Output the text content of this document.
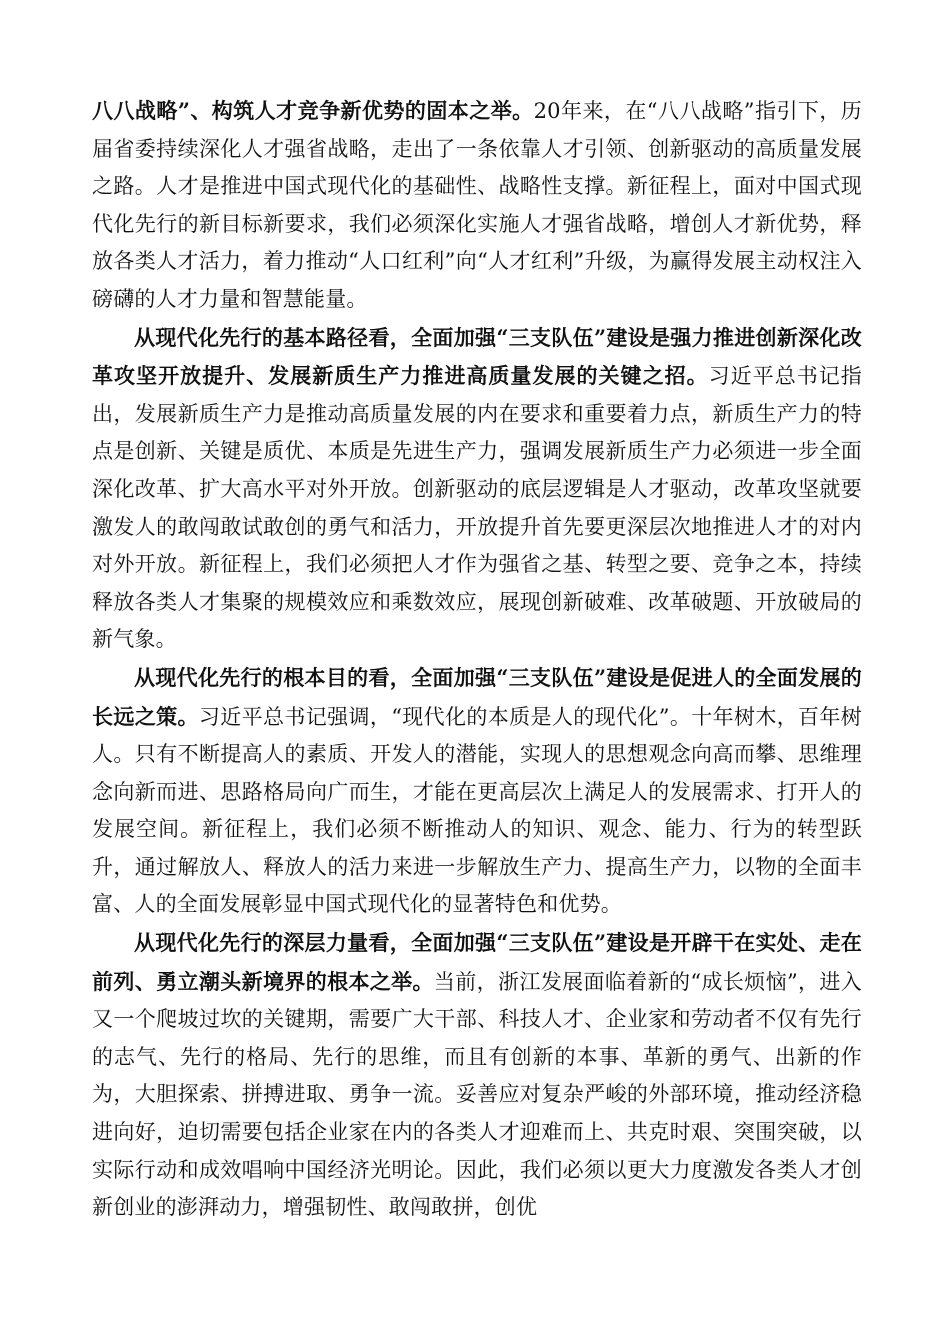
八八战略”、构筑人才竞争新优势的固本之举。20年来，在“八八战略”指引下，历届省委持续深化人才强省战略，走出了一条依靠人才引领、创新驱动的高质量发展之路。人才是推进中国式现代化的基础性、战略性支撑。新征程上，面对中国式现代化先行的新目标新要求，我们必须深化实施人才强省战略，增创人才新优势，释放各类人才活力，着力推动“人口红利”向“人才红利”升级，为赢得发展主动权注入磅礴的人才力量和智慧能量。

从现代化先行的基本路径看，全面加强“三支队伍”建设是强力推进创新深化改革攻坚开放提升、发展新质生产力推进高质量发展的关键之招。习近平总书记指出，发展新质生产力是推动高质量发展的内在要求和重要着力点，新质生产力的特点是创新、关键是质优、本质是先进生产力，强调发展新质生产力必须进一步全面深化改革、扩大高水平对外开放。创新驱动的底层逻辑是人才驱动，改革攻坚就要激发人的敢闯敢试敢创的勇气和活力，开放提升首先要更深层次地推进人才的对内对外开放。新征程上，我们必须把人才作为强省之基、转型之要、竞争之本，持续释放各类人才集聚的规模效应和乘数效应，展现创新破难、改革破题、开放破局的新气象。

从现代化先行的根本目的看，全面加强“三支队伍”建设是促进人的全面发展的长远之策。习近平总书记强调，“现代化的本质是人的现代化”。十年树木，百年树人。只有不断提高人的素质、开发人的潜能，实现人的思想观念向高而攀、思维理念向新而进、思路格局向广而生，才能在更高层次上满足人的发展需求、打开人的发展空间。新征程上，我们必须不断推动人的知识、观念、能力、行为的转型跃升，通过解放人、释放人的活力来进一步解放生产力、提高生产力，以物的全面丰富、人的全面发展彰显中国式现代化的显著特色和优势。

从现代化先行的深层力量看，全面加强“三支队伍”建设是开辟干在实处、走在前列、勇立潮头新境界的根本之举。当前，浙江发展面临着新的“成长烦恼”，进入又一个爬坡过坎的关键期，需要广大干部、科技人才、企业家和劳动者不仅有先行的志气、先行的格局、先行的思维，而且有创新的本事、革新的勇气、出新的作为，大胆探索、拼搏进取、勇争一流。妥善应对复杂严峻的外部环境，推动经济稳进向好，迫切需要包括企业家在内的各类人才迎难而上、共克时艰、突围突破，以实际行动和成效唱响中国经济光明论。因此，我们必须以更大力度激发各类人才创新创业的澎湃动力，增强韧性、敢闯敢拼，创优
